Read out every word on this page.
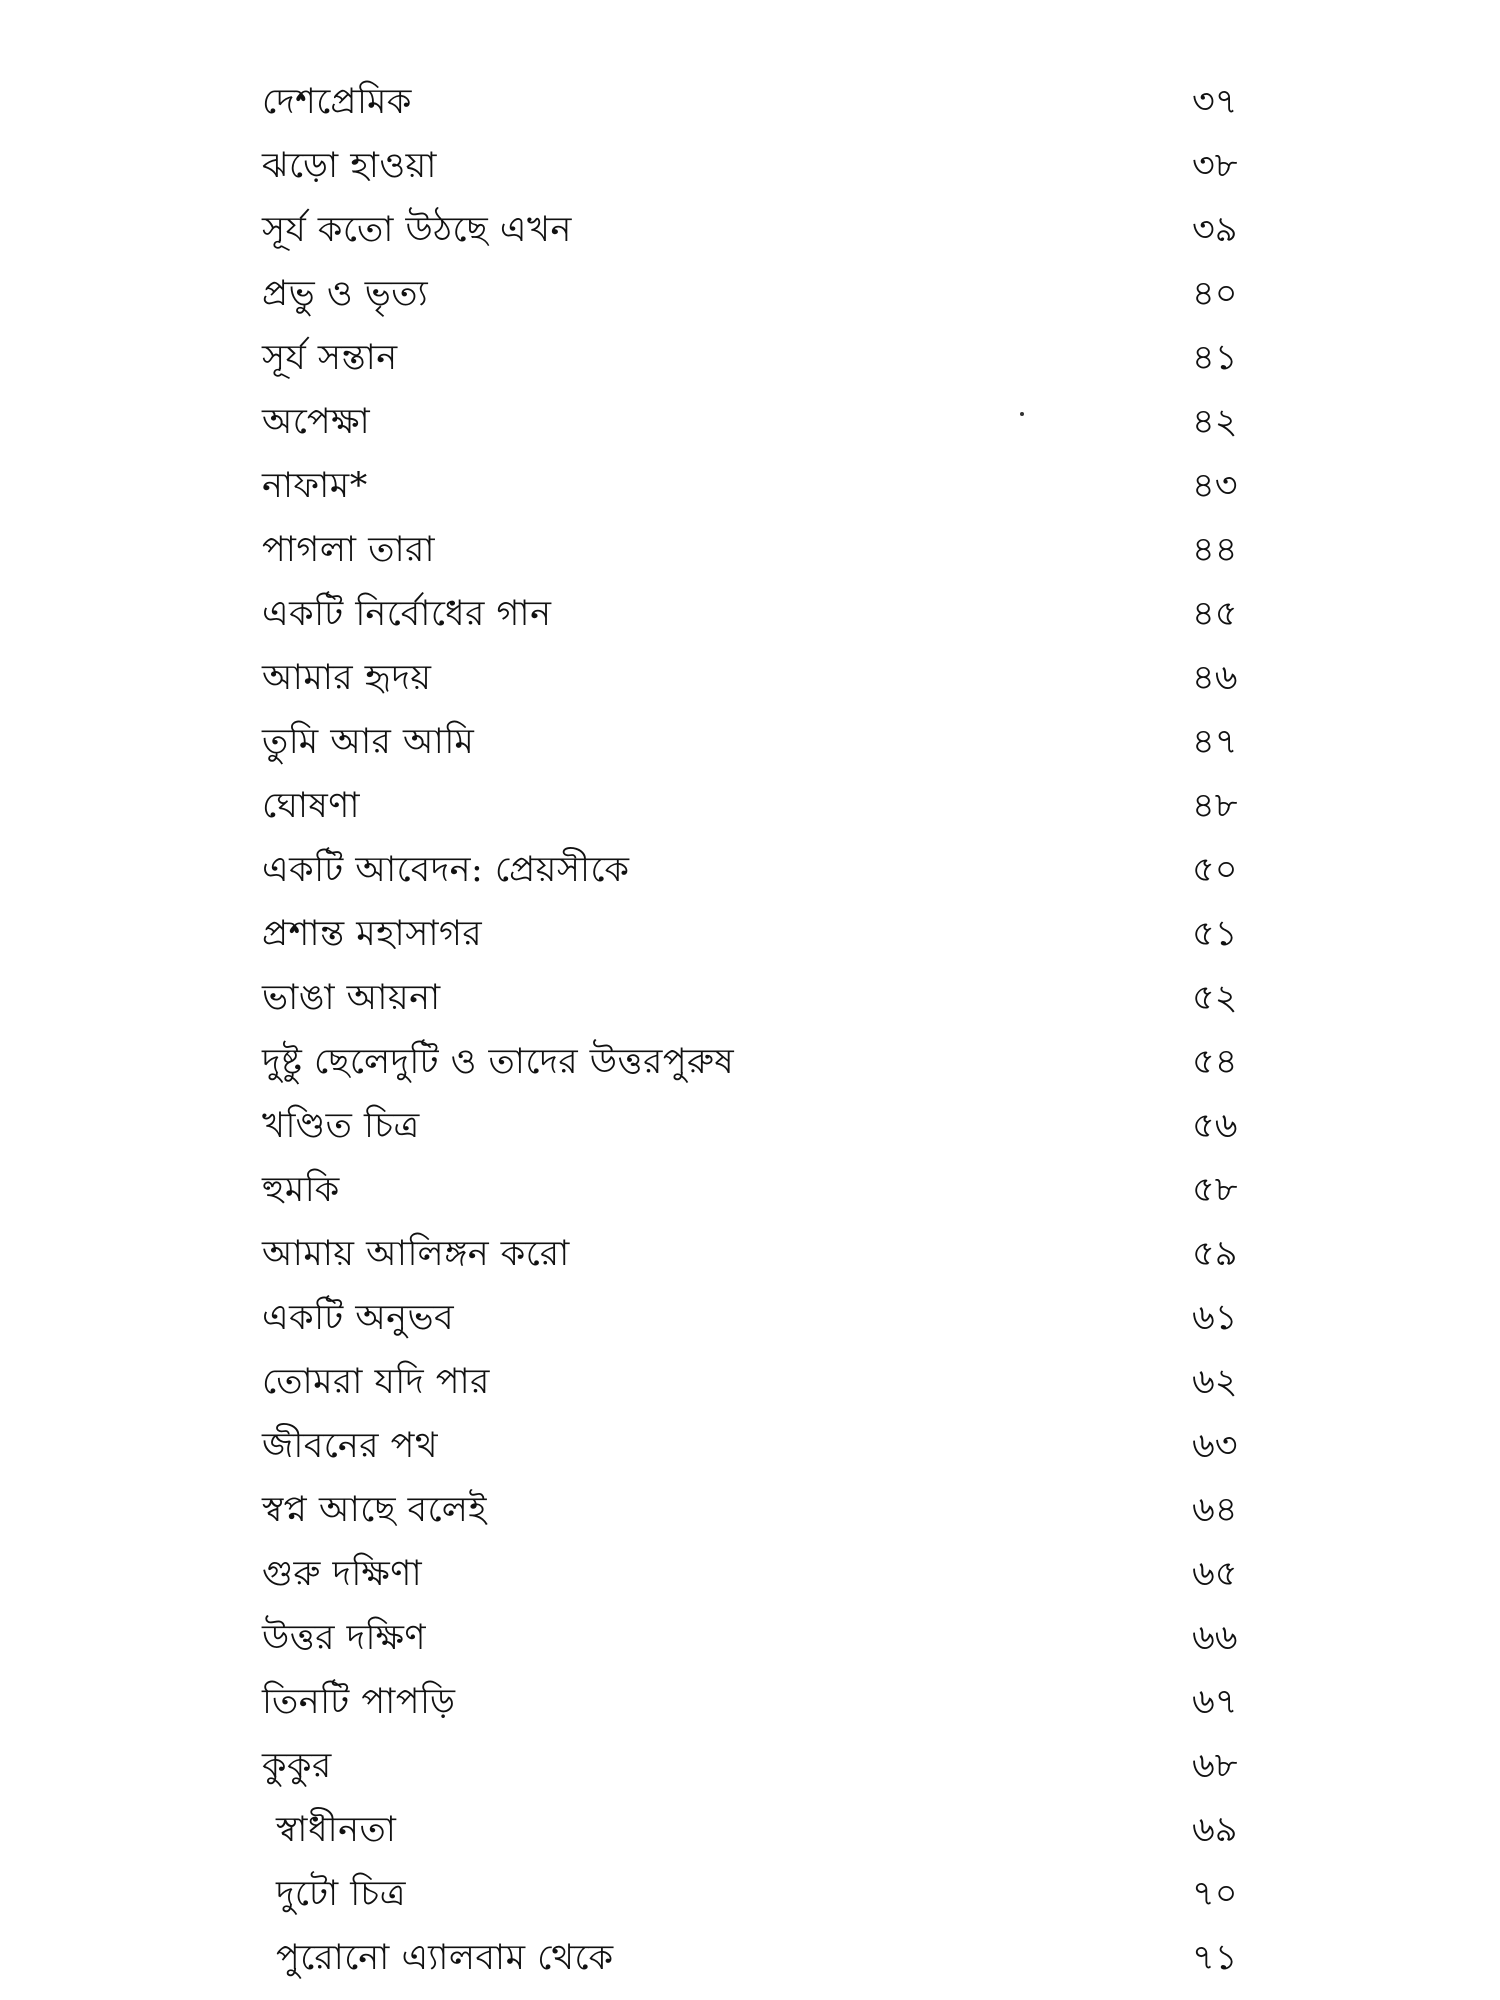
দেশপ্রেমিক	৩৭
ঝড়ো হাওয়া	৩৮
সূর্য কতো উঠছে এখন	৩৯
প্রভু ও ভৃত্য	৪০
সূর্য সন্তান	৪১
অপেক্ষা	৪২
নাফাম*	৪৩
পাগলা তারা	৪৪
একটি নির্বোধের গান	৪৫
আমার হৃদয়	৪৬
তুমি আর আমি	৪৭
ঘোষণা	৪৮
একটি আবেদন: প্রেয়সীকে	৫০
প্রশান্ত মহাসাগর	৫১
ভাঙা আয়না	৫২
দুষ্টু ছেলেদুটি ও তাদের উত্তরপুরুষ	৫৪
খণ্ডিত চিত্র	৫৬
হুমকি	৫৮
আমায় আলিঙ্গন করো	৫৯
একটি অনুভব	৬১
তোমরা যদি পার	৬২
জীবনের পথ	৬৩
স্বপ্ন আছে বলেই	৬৪
গুরু দক্ষিণা	৬৫
উত্তর দক্ষিণ	৬৬
তিনটি পাপড়ি	৬৭
কুকুর	৬৮
স্বাধীনতা	৬৯
দুটো চিত্র	৭০
পুরোনো এ্যালবাম থেকে	৭১
